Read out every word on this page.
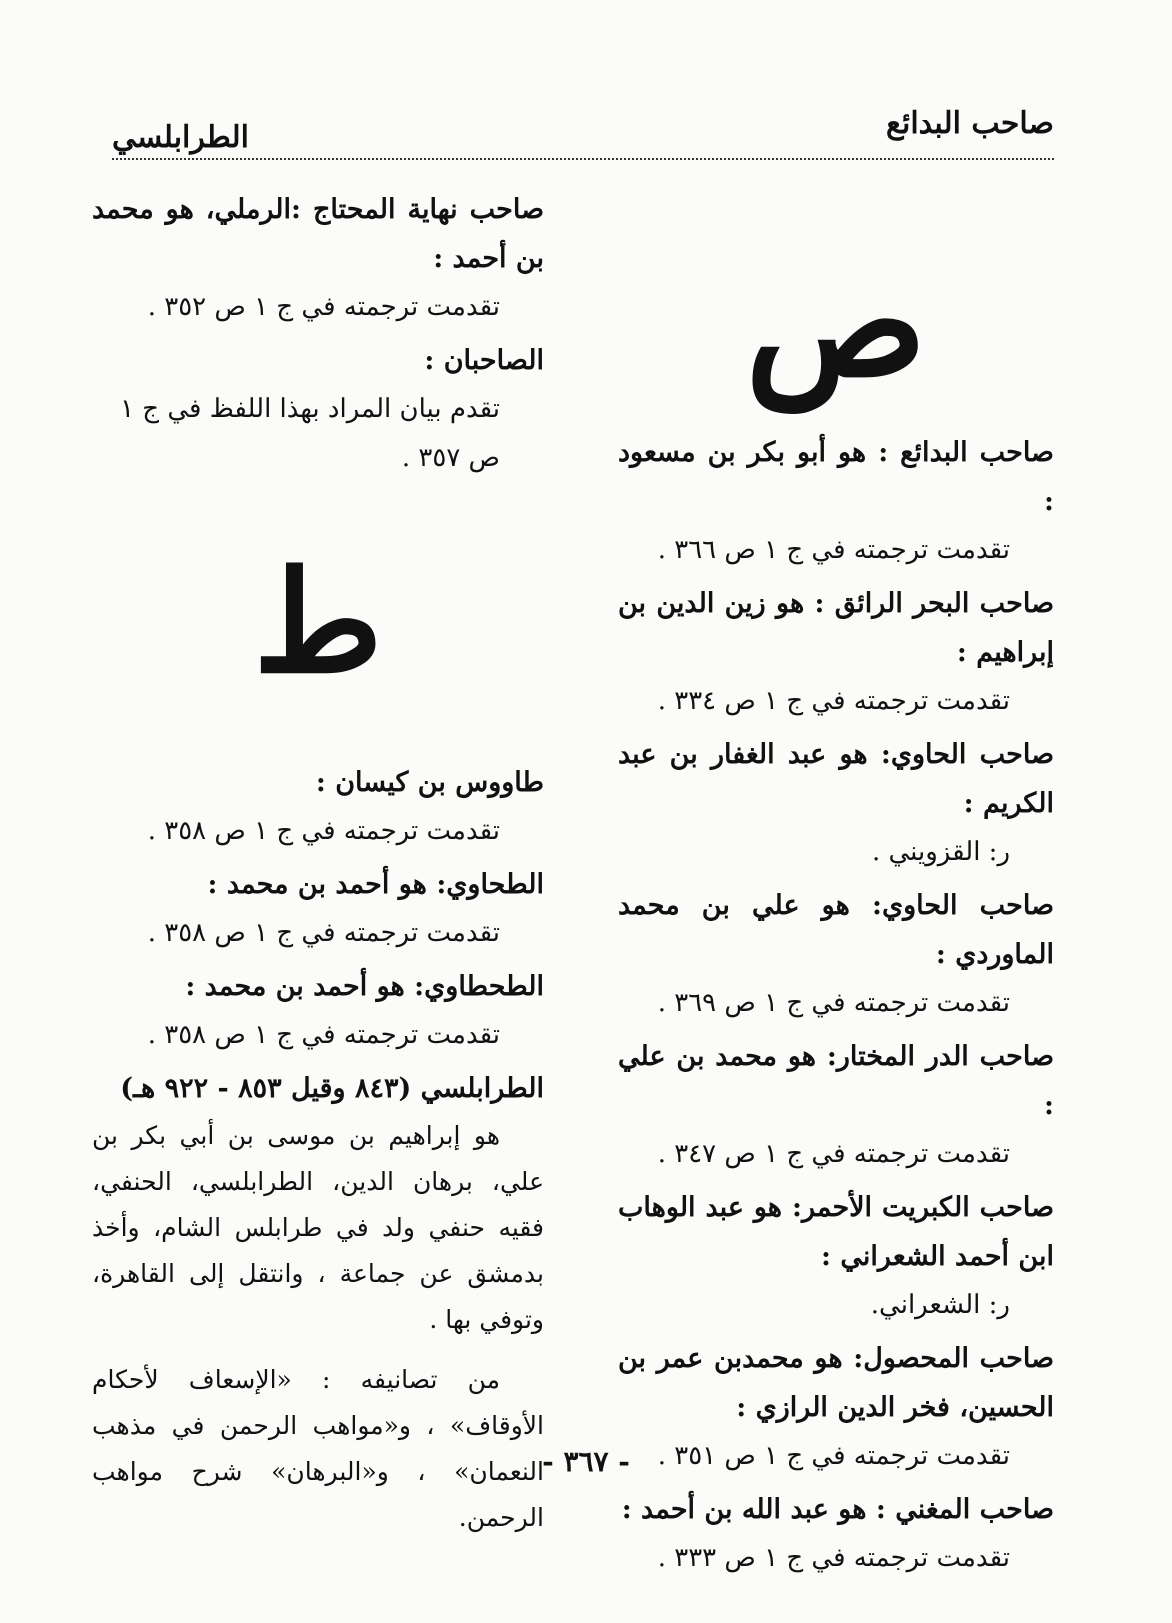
صاحب البدائع
الطرابلسي
ص
صاحب البدائع : هو أبو بكر بن مسعود :
تقدمت ترجمته في ج ١ ص ٣٦٦ .
صاحب البحر الرائق : هو زين الدين بن إبراهيم :
تقدمت ترجمته في ج ١ ص ٣٣٤ .
صاحب الحاوي: هو عبد الغفار بن عبد الكريم :
ر: القزويني .
صاحب الحاوي: هو علي بن محمد الماوردي :
تقدمت ترجمته في ج ١ ص ٣٦٩ .
صاحب الدر المختار: هو محمد بن علي :
تقدمت ترجمته في ج ١ ص ٣٤٧ .
صاحب الكبريت الأحمر: هو عبد الوهاب ابن أحمد الشعراني :
ر: الشعراني.
صاحب المحصول: هو محمدبن عمر بن الحسين، فخر الدين الرازي :
تقدمت ترجمته في ج ١ ص ٣٥١ .
صاحب المغني : هو عبد الله بن أحمد :
تقدمت ترجمته في ج ١ ص ٣٣٣ .
صاحب نهاية المحتاج :الرملي، هو محمد بن أحمد :
تقدمت ترجمته في ج ١ ص ٣٥٢ .
الصاحبان :
تقدم بيان المراد بهذا اللفظ في ج ١ ص ٣٥٧ .
ط
طاووس بن كيسان :
تقدمت ترجمته في ج ١ ص ٣٥٨ .
الطحاوي: هو أحمد بن محمد :
تقدمت ترجمته في ج ١ ص ٣٥٨ .
الطحطاوي: هو أحمد بن محمد :
تقدمت ترجمته في ج ١ ص ٣٥٨ .
الطرابلسي (٨٤٣ وقيل ٨٥٣ - ٩٢٢ هـ)
هو إبراهيم بن موسى بن أبي بكر بن علي، برهان الدين، الطرابلسي، الحنفي، فقيه حنفي ولد في طرابلس الشام، وأخذ بدمشق عن جماعة ، وانتقل إلى القاهرة، وتوفي بها .
من تصانيفه : «الإسعاف لأحكام الأوقاف» ، و«مواهب الرحمن في مذهب النعمان» ، و«البرهان» شرح مواهب الرحمن.
- ٣٦٧ -
